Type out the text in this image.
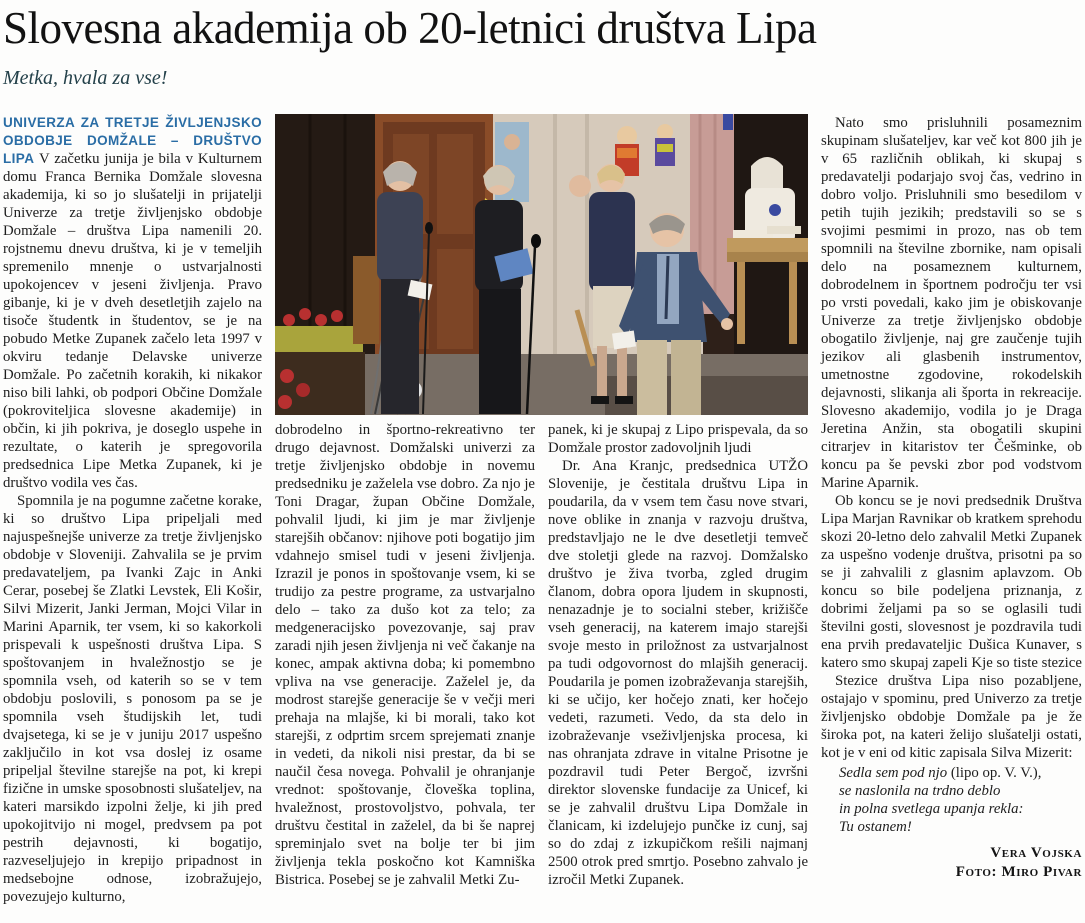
Slovesna akademija ob 20-letnici društva Lipa
Metka, hvala za vse!

UNIVERZA ZA TRETJE ŽIVLJENJSKO OBDOBJE DOMŽALE – DRUŠTVO LIPA V začetku junija je bila v Kulturnem domu Franca Bernika Domžale slovesna akademija, ki so jo slušatelji in prijatelji Univerze za tretje življenjsko obdobje Domžale – društva Lipa namenili 20. rojstnemu dnevu društva, ki je v temeljih spremenilo mnenje o ustvarjalnosti upokojencev v jeseni življenja. Pravo gibanje, ki je v dveh desetletjih zajelo na tisoče študentk in študentov, se je na pobudo Metke Zupanek začelo leta 1997 v okviru tedanje Delavske univerze Domžale. Po začetnih korakih, ki nikakor niso bili lahki, ob podpori Občine Domžale (pokroviteljica slovesne akademije) in občin, ki jih pokriva, je doseglo uspehe in rezultate, o katerih je spregovorila predsednica Lipe Metka Zupanek, ki je društvo vodila ves čas.

Spomnila je na pogumne začetne korake, ki so društvo Lipa pripeljali med najuspešnejše univerze za tretje življenjsko obdobje v Sloveniji. Zahvalila se je prvim predavateljem, pa Ivanki Zajc in Anki Cerar, posebej še Zlatki Levstek, Eli Košir, Silvi Mizerit, Janki Jerman, Mojci Vilar in Marini Aparnik, ter vsem, ki so kakorkoli prispevali k uspešnosti društva Lipa. S spoštovanjem in hvaležnostjo se je spomnila vseh, od katerih so se v tem obdobju poslovili, s ponosom pa se je spomnila vseh študijskih let, tudi dvajsetega, ki se je v juniju 2017 uspešno zaključilo in kot vsa doslej iz osame pripeljal številne starejše na pot, ki krepi fizične in umske sposobnosti slušateljev, na kateri marsikdo izpolni želje, ki jih pred upokojitvijo ni mogel, predvsem pa pot pestrih dejavnosti, ki bogatijo, razveseljujejo in krepijo pripadnost in medsebojne odnose, izobražujejo, povezujejo kulturno,

dobrodelno in športno-rekreativno ter drugo dejavnost. Domžalski univerzi za tretje življenjsko obdobje in novemu predsedniku je zaželela vse dobro. Za njo je Toni Dragar, župan Občine Domžale, pohvalil ljudi, ki jim je mar življenje starejših občanov: njihove poti bogatijo jim vdahnejo smisel tudi v jeseni življenja. Izrazil je ponos in spoštovanje vsem, ki se trudijo za pestre programe, za ustvarjalno delo – tako za dušo kot za telo; za medgeneracijsko povezovanje, saj prav zaradi njih jesen življenja ni več čakanje na konec, ampak aktivna doba; ki pomembno vpliva na vse generacije. Zaželel je, da modrost starejše generacije še v večji meri prehaja na mlajše, ki bi morali, tako kot starejši, z odprtim srcem sprejemati znanje in vedeti, da nikoli nisi prestar, da bi se naučil česa novega. Pohvalil je ohranjanje vrednot: spoštovanje, človeška toplina, hvaležnost, prostovoljstvo, pohvala, ter društvu čestital in zaželel, da bi še naprej spreminjalo svet na bolje ter bi jim življenja tekla poskočno kot Kamniška Bistrica. Posebej se je zahvalil Metki Zu-

panek, ki je skupaj z Lipo prispevala, da so Domžale prostor zadovoljnih ljudi

Dr. Ana Kranjc, predsednica UTŽO Slovenije, je čestitala društvu Lipa in poudarila, da v vsem tem času nove stvari, nove oblike in znanja v razvoju društva, predstavljajo ne le dve desetletji temveč dve stoletji glede na razvoj. Domžalsko društvo je živa tvorba, zgled drugim članom, dobra opora ljudem in skupnosti, nenazadnje je to socialni steber, križišče vseh generacij, na katerem imajo starejši svoje mesto in priložnost za ustvarjalnost pa tudi odgovornost do mlajših generacij. Poudarila je pomen izobraževanja starejših, ki se učijo, ker hočejo znati, ker hočejo vedeti, razumeti. Vedo, da sta delo in izobraževanje vseživljenjska procesa, ki nas ohranjata zdrave in vitalne Prisotne je pozdravil tudi Peter Bergoč, izvršni direktor slovenske fundacije za Unicef, ki se je zahvalil društvu Lipa Domžale in članicam, ki izdelujejo punčke iz cunj, saj so do zdaj z izkupičkom rešili najmanj 2500 otrok pred smrtjo. Posebno zahvalo je izročil Metki Zupanek.

Nato smo prisluhnili posameznim skupinam slušateljev, kar več kot 800 jih je v 65 različnih oblikah, ki skupaj s predavatelji podarjajo svoj čas, vedrino in dobro voljo. Prisluhnili smo besedilom v petih tujih jezikih; predstavili so se s svojimi pesmimi in prozo, nas ob tem spomnili na številne zbornike, nam opisali delo na posameznem kulturnem, dobrodelnem in športnem področju ter vsi po vrsti povedali, kako jim je obiskovanje Univerze za tretje življenjsko obdobje obogatilo življenje, naj gre zaučenje tujih jezikov ali glasbenih instrumentov, umetnostne zgodovine, rokodelskih dejavnosti, slikanja ali športa in rekreacije. Slovesno akademijo, vodila jo je Draga Jeretina Anžin, sta obogatili skupini citrarjev in kitaristov ter Češminke, ob koncu pa še pevski zbor pod vodstvom Marine Aparnik.

Ob koncu se je novi predsednik Društva Lipa Marjan Ravnikar ob kratkem sprehodu skozi 20-letno delo zahvalil Metki Zupanek za uspešno vodenje društva, prisotni pa so se ji zahvalili z glasnim aplavzom. Ob koncu so bile podeljena priznanja, z dobrimi željami pa so se oglasili tudi številni gosti, slovesnost je pozdravila tudi ena prvih predavateljic Dušica Kunaver, s katero smo skupaj zapeli Kje so tiste stezice

Stezice društva Lipa niso pozabljene, ostajajo v spominu, pred Univerzo za tretje življenjsko obdobje Domžale pa je že široka pot, na kateri želijo slušatelji ostati, kot je v eni od kitic zapisala Silva Mizerit:

Sedla sem pod njo (lipo op. V. V.),
se naslonila na trdno deblo
in polna svetlega upanja rekla:
Tu ostanem!
Vera Vojska
Foto: Miro Pivar
